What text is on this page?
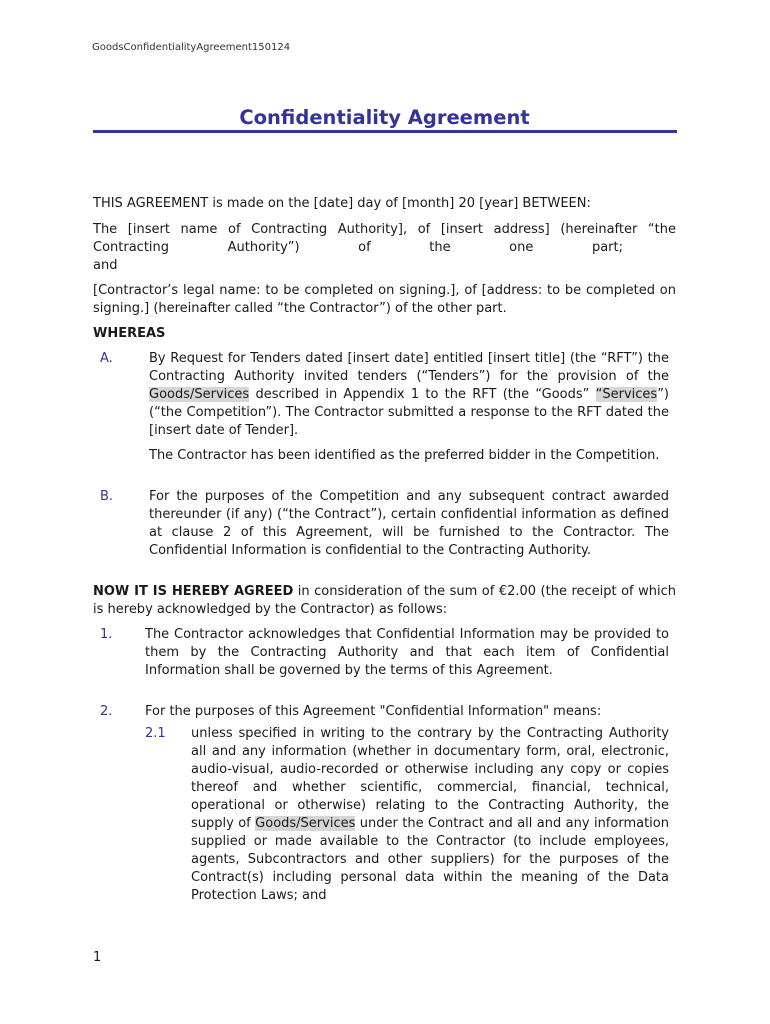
GoodsConfidentialityAgreement150124
Confidentiality Agreement
THIS AGREEMENT is made on the [date] day of [month] 20 [year] BETWEEN:
The [insert name of Contracting Authority], of [insert address] (hereinafter “the
Contracting Authority”) of the one part;
and
[Contractor’s legal name: to be completed on signing.], of [address: to be completed on signing.] (hereinafter called “the Contractor”) of the other part.
WHEREAS
A.	By Request for Tenders dated [insert date] entitled [insert title] (the “RFT”) the Contracting Authority invited tenders (“Tenders”) for the provision of the Goods/Services described in Appendix 1 to the RFT (the “Goods” “Services”) (“the Competition”). The Contractor submitted a response to the RFT dated the [insert date of Tender].
The Contractor has been identified as the preferred bidder in the Competition.
B.	For the purposes of the Competition and any subsequent contract awarded thereunder (if any) (“the Contract”), certain confidential information as defined at clause 2 of this Agreement, will be furnished to the Contractor. The Confidential Information is confidential to the Contracting Authority.
NOW IT IS HEREBY AGREED in consideration of the sum of €2.00 (the receipt of which is hereby acknowledged by the Contractor) as follows:
1.	The Contractor acknowledges that Confidential Information may be provided to them by the Contracting Authority and that each item of Confidential Information shall be governed by the terms of this Agreement.
2.	For the purposes of this Agreement "Confidential Information" means:
2.1 unless specified in writing to the contrary by the Contracting Authority all and any information (whether in documentary form, oral, electronic, audio-visual, audio-recorded or otherwise including any copy or copies thereof and whether scientific, commercial, financial, technical, operational or otherwise) relating to the Contracting Authority, the supply of Goods/Services under the Contract and all and any information supplied or made available to the Contractor (to include employees, agents, Subcontractors and other suppliers) for the purposes of the Contract(s) including personal data within the meaning of the Data Protection Laws; and
1
